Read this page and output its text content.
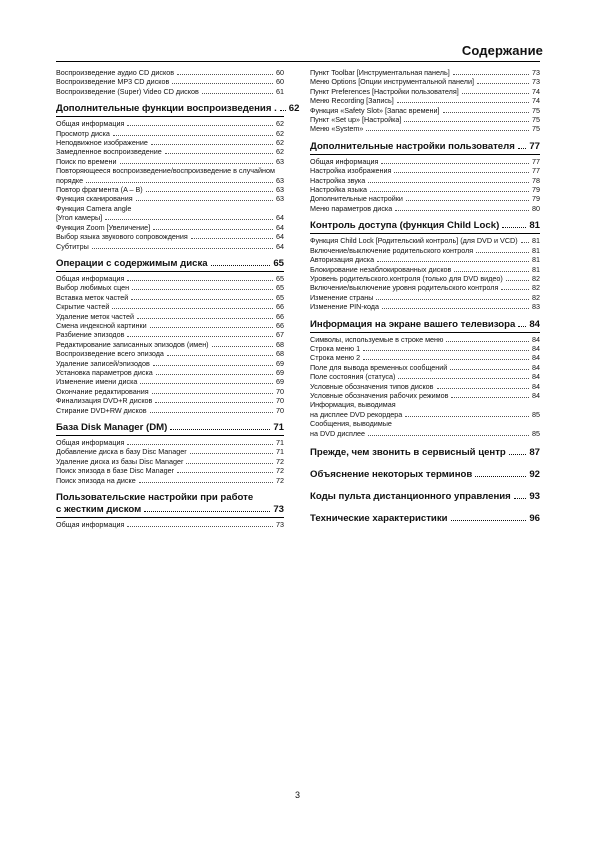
Содержание
Воспроизведение аудио CD дисков	60
Воспроизведение MP3 CD дисков	60
Воспроизведение (Super) Video CD дисков	61
Дополнительные функции воспроизведения . 62
Общая информация	62
Просмотр диска	62
Неподвижное изображение	62
Замедленное воспроизведение	62
Поиск по времени	63
Повторяющееся воспроизведение/воспроизведение в случайном
порядке	63
Повтор фрагмента (A – B)	63
Функция сканирования	63
Функция Camera angle
[Угол камеры]	64
Функция Zoom [Увеличение]	64
Выбор языка звукового сопровождения	64
Субтитры	64
Операции с содержимым диска	65
Общая информация	65
Выбор любимых сцен	65
Вставка меток частей	65
Скрытие частей	66
Удаление меток частей	66
Смена индексной картинки	66
Разбиение эпизодов	67
Редактирование записанных эпизодов (имен)	68
Воспроизведение всего эпизода	68
Удаление записей/эпизодов	69
Установка параметров диска	69
Изменение имени диска	69
Окончание редактирования	70
Финализация DVD+R дисков	70
Стирание DVD+RW дисков	70
База Disk Manager (DM)	71
Общая информация	71
Добавление диска в базу Disc Manager	71
Удаление диска из базы Disc Manager	72
Поиск эпизода в базе Disc Manager	72
Поиск эпизода на диске	72
Пользовательские настройки при работе
с жестким диском	73
Общая информация	73
Пункт Toolbar [Инструментальная панель]	73
Меню Options [Опции инструментальной панели]	73
Пункт Preferences [Настройки пользователя]	74
Меню Recording [Запись]	74
Функция «Safety Slot» [Запас времени]	75
Пункт «Set up» [Настройка]	75
Меню «System»	75
Дополнительные настройки пользователя 77
Общая информация	77
Настройка изображения	77
Настройка звука	78
Настройка языка	79
Дополнительные настройки	79
Меню параметров диска	80
Контроль доступа (функция Child Lock)	81
Функция Child Lock [Родительский контроль] (для DVD и VCD) 81
Включение/выключение родительского контроля	81
Авторизация диска	81
Блокирование незаблокированных дисков	81
Уровень родительского.контроля (только для DVD видео)	82
Включение/выключение уровня родительского контроля	82
Изменение страны	82
Изменение PIN-кода	83
Информация на экране вашего телевизора 84
Символы, используемые в строке меню	84
Строка меню 1	84
Строка меню 2	84
Поле для вывода временных сообщений	84
Поле состояния (статуса)	84
Условные обозначения типов дисков	84
Условные обозначения рабочих режимов	84
Информация, выводимая
на дисплее DVD рекордера	85
Сообщения, выводимые
на DVD дисплее	85
Прежде, чем звонить в сервисный центр 87
Объяснение некоторых терминов	92
Коды пульта дистанционного управления 93
Технические характеристики	96
3
